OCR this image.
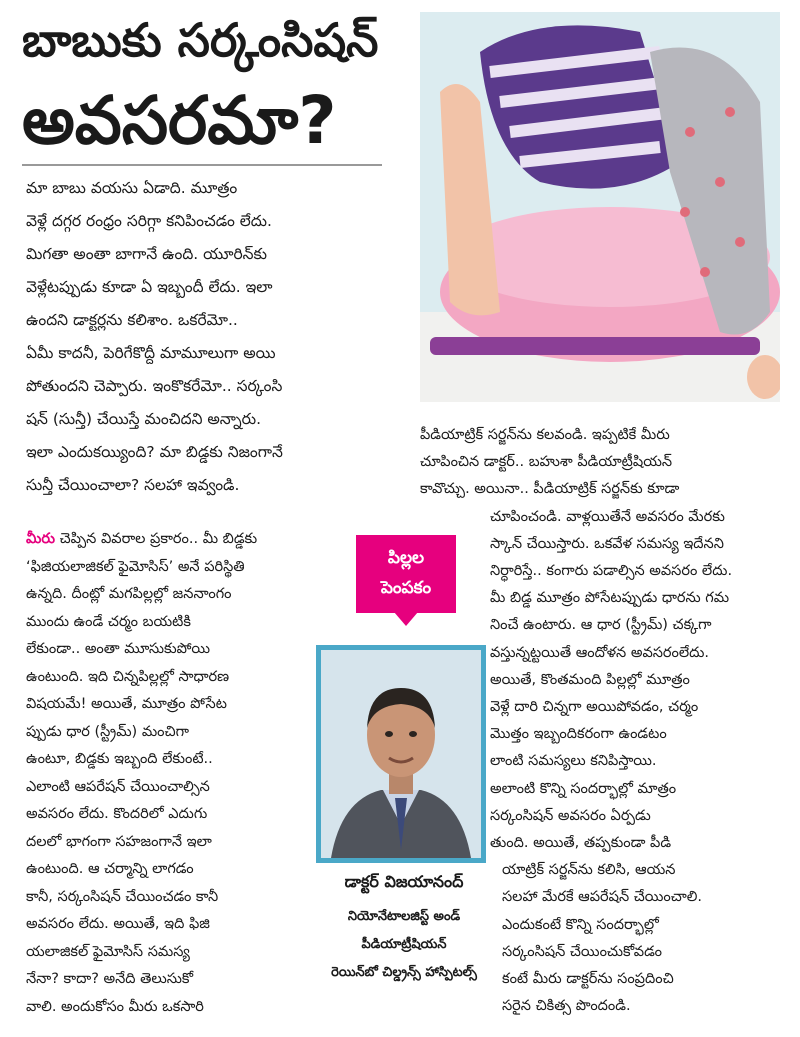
బాబుకు సర్కంసిషన్
అవసరమా?

మా బాబు వయసు ఏడాది. మూత్రం

వెళ్లే దగ్గర రంధ్రం సరిగ్గా కనిపించడం లేదు.

మిగతా అంతా బాగానే ఉంది. యూరిన్‌కు

వెళ్లేటప్పుడు కూడా ఏ ఇబ్బందీ లేదు. ఇలా

ఉందని డాక్టర్లను కలిశాం. ఒకరేమో..

ఏమీ కాదనీ, పెరిగేకొద్దీ మామూలుగా అయి

పోతుందని చెప్పారు. ఇంకొకరేమో.. సర్కంసి

షన్ (సున్తీ) చేయిస్తే మంచిదని అన్నారు.

ఇలా ఎందుకయ్యింది? మా బిడ్డకు నిజంగానే

సున్తీ చేయించాలా? సలహా ఇవ్వండి.

మీరు చెప్పిన వివరాల ప్రకారం.. మీ బిడ్డకు

‘ఫిజియలాజికల్ ఫైమోసిస్’ అనే పరిస్థితి

ఉన్నది. దీంట్లో మగపిల్లల్లో జననాంగం

ముందు ఉండే చర్మం బయటికి

లేకుండా.. అంతా మూసుకుపోయి

ఉంటుంది. ఇది చిన్నపిల్లల్లో సాధారణ

విషయమే! అయితే, మూత్రం పోసేట

ప్పుడు ధార (స్ట్రీమ్) మంచిగా

ఉంటూ, బిడ్డకు ఇబ్బంది లేకుంటే..

ఎలాంటి ఆపరేషన్ చేయించాల్సిన

అవసరం లేదు. కొందరిలో ఎదుగు

దలలో భాగంగా సహజంగానే ఇలా

ఉంటుంది. ఆ చర్మాన్ని లాగడం

కానీ, సర్కంసిషన్ చేయించడం కానీ

అవసరం లేదు. అయితే, ఇది ఫిజి

యలాజికల్ ఫైమోసిస్ సమస్య

నేనా? కాదా? అనేది తెలుసుకో

వాలి. అందుకోసం మీరు ఒకసారి

పీడియాట్రిక్ సర్జన్‌ను కలవండి. ఇప్పటికే మీరు

చూపించిన డాక్టర్.. బహుశా పీడియాట్రీషియన్

కావొచ్చు. అయినా.. పీడియాట్రిక్ సర్జన్‌కు కూడా

చూపించండి. వాళ్లయితేనే అవసరం మేరకు

స్కాన్ చేయిస్తారు. ఒకవేళ సమస్య ఇదేనని

నిర్ధారిస్తే.. కంగారు పడాల్సిన అవసరం లేదు.

మీ బిడ్డ మూత్రం పోసేటప్పుడు ధారను గమ

నించే ఉంటారు. ఆ ధార (స్ట్రీమ్) చక్కగా

వస్తున్నట్టయితే ఆందోళన అవసరంలేదు.

అయితే, కొంతమంది పిల్లల్లో మూత్రం

వెళ్లే దారి చిన్నగా అయిపోవడం, చర్మం

మొత్తం ఇబ్బందికరంగా ఉండటం

లాంటి సమస్యలు కనిపిస్తాయి.

అలాంటి కొన్ని సందర్భాల్లో మాత్రం

సర్కంసిషన్ అవసరం ఏర్పడు

తుంది. అయితే, తప్పకుండా పీడి

యాట్రిక్ సర్జన్‌ను కలిసి, ఆయన

సలహా మేరకే ఆపరేషన్ చేయించాలి.

ఎందుకంటే కొన్ని సందర్భాల్లో

సర్కంసిషన్ చేయించుకోవడం

కంటే మీరు డాక్టర్‌ను సంప్రదించి

సరైన చికిత్స పొందండి.

పిల్లల
పెంపకం
డాక్టర్ విజయానంద్

నియోనేటాలజిస్ట్ అండ్

పీడియాట్రీషియన్

రెయిన్‌బో చిల్డ్రన్స్ హాస్పిటల్స్
